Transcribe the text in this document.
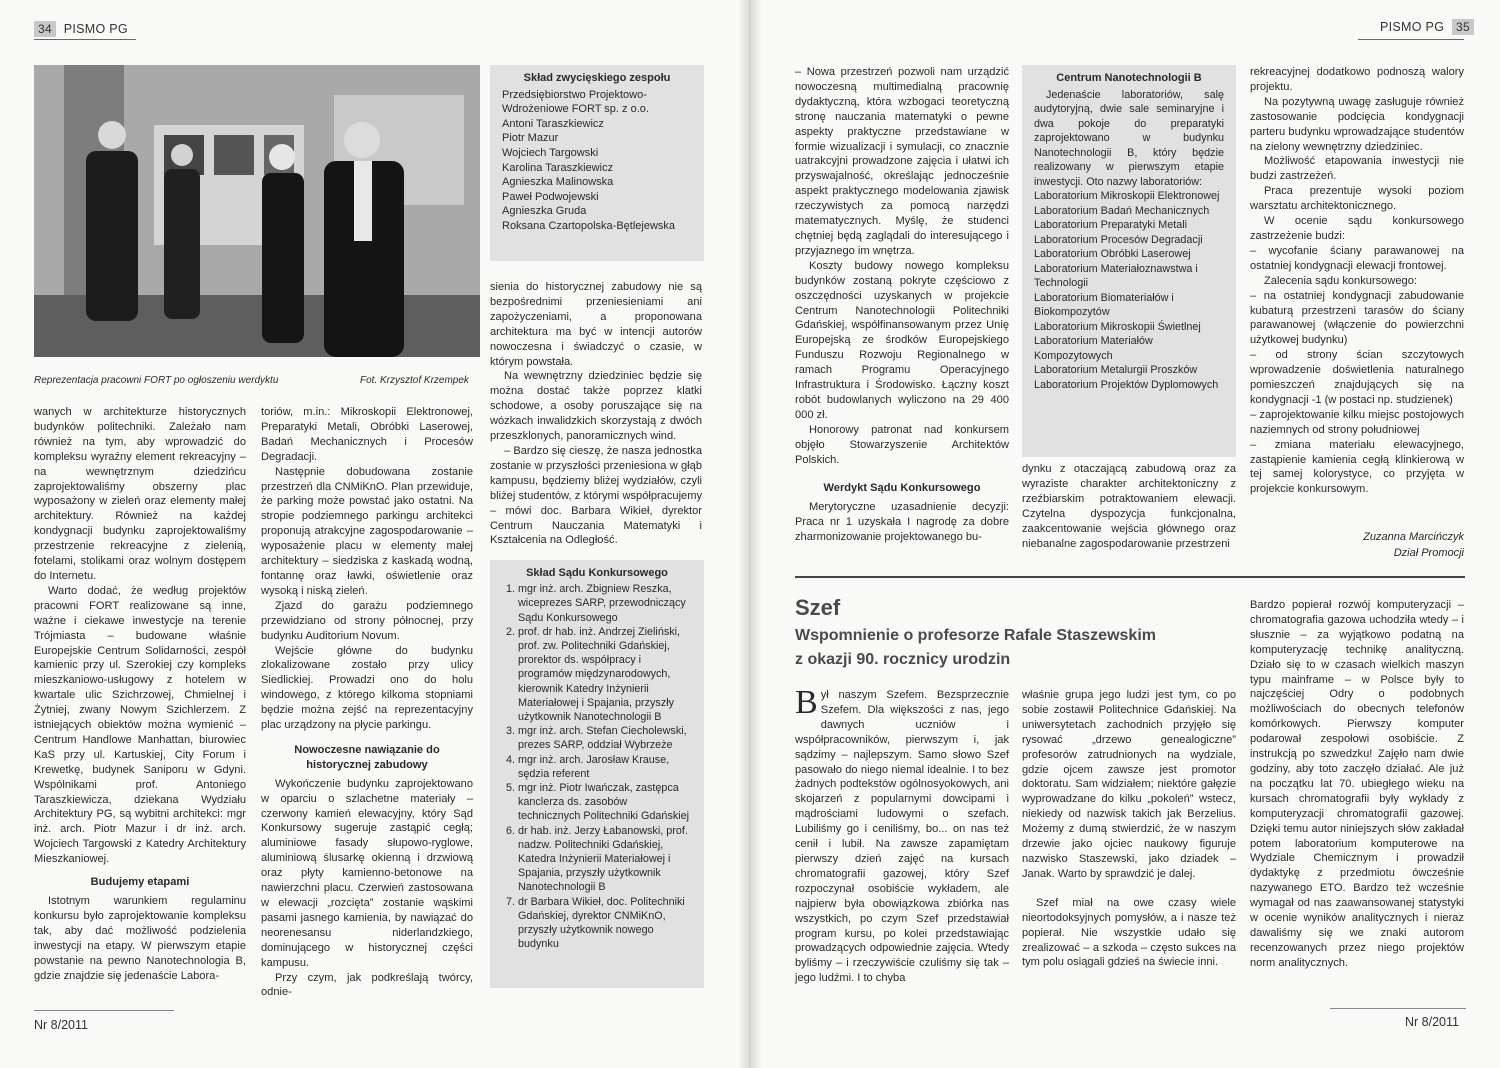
34 PISMO PG
Reprezentacja pracowni FORT po ogłoszeniu werdyktu	Fot. Krzysztof Krzempek
Skład zwycięskiego zespołu
Przedsiębiorstwo Projektowo-
Wdrożeniowe FORT sp. z o.o.
Antoni Taraszkiewicz
Piotr Mazur
Wojciech Targowski
Karolina Taraszkiewicz
Agnieszka Malinowska
Paweł Podwojewski
Agnieszka Gruda
Roksana Czartopolska-Bętlejewska

wanych w architekturze historycznych budynków politechniki. Zależało nam również na tym, aby wprowadzić do kompleksu wyraźny element rekreacyjny – na wewnętrznym dziedzińcu zaprojektowaliśmy obszerny plac wyposażony w zieleń oraz elementy małej architektury. Również na każdej kondygnacji budynku zaprojektowaliśmy przestrzenie rekreacyjne z zielenią, fotelami, stolikami oraz wolnym dostępem do Internetu.

Warto dodać, że według projektów pracowni FORT realizowane są inne, ważne i ciekawe inwestycje na terenie Trójmiasta – budowane właśnie Europejskie Centrum Solidarności, zespół kamienic przy ul. Szerokiej czy kompleks mieszkaniowo-usługowy z hotelem w kwartale ulic Szichrzowej, Chmielnej i Żytniej, zwany Nowym Szichlerzem. Z istniejących obiektów można wymienić – Centrum Handlowe Manhattan, biurowiec KaS przy ul. Kartuskiej, City Forum i Krewetkę, budynek Saniporu w Gdyni. Wspólnikami prof. Antoniego Taraszkiewicza, dziekana Wydziału Architektury PG, są wybitni architekci: mgr inż. arch. Piotr Mazur i dr inż. arch. Wojciech Targowski z Katedry Architektury Mieszkaniowej.

Budujemy etapami

Istotnym warunkiem regulaminu konkursu było zaprojektowanie kompleksu tak, aby dać możliwość podzielenia inwestycji na etapy. W pierwszym etapie powstanie na pewno Nanotechnologia B, gdzie znajdzie się jedenaście Labora-

toriów, m.in.: Mikroskopii Elektronowej, Preparatyki Metali, Obróbki Laserowej, Badań Mechanicznych i Procesów Degradacji.

Następnie dobudowana zostanie przestrzeń dla CNMiKnO. Plan przewiduje, że parking może powstać jako ostatni. Na stropie podziemnego parkingu architekci proponują atrakcyjne zagospodarowanie – wyposażenie placu w elementy małej architektury – siedziska z kaskadą wodną, fontannę oraz ławki, oświetlenie oraz wysoką i niską zieleń.

Zjazd do garażu podziemnego przewidziano od strony północnej, przy budynku Auditorium Novum.

Wejście główne do budynku zlokalizowane zostało przy ulicy Siedlickiej. Prowadzi ono do holu windowego, z którego kilkoma stopniami będzie można zejść na reprezentacyjny plac urządzony na płycie parkingu.

Nowoczesne nawiązanie do historycznej zabudowy

Wykończenie budynku zaprojektowano w oparciu o szlachetne materiały – czerwony kamień elewacyjny, który Sąd Konkursowy sugeruje zastąpić cegłą; aluminiowe fasady słupowo-ryglowe, aluminiową ślusarkę okienną i drzwiową oraz płyty kamienno-betonowe na nawierzchni placu. Czerwień zastosowana w elewacji „rozcięta” zostanie wąskimi pasami jasnego kamienia, by nawiązać do neorenesansu niderlandzkiego, dominującego w historycznej części kampusu.

Przy czym, jak podkreślają twórcy, odnie-

sienia do historycznej zabudowy nie są bezpośrednimi przeniesieniami ani zapożyczeniami, a proponowana architektura ma być w intencji autorów nowoczesna i świadczyć o czasie, w którym powstała.

Na wewnętrzny dziedziniec będzie się można dostać także poprzez klatki schodowe, a osoby poruszające się na wózkach inwalidzkich skorzystają z dwóch przeszklonych, panoramicznych wind.

– Bardzo się cieszę, że nasza jednostka zostanie w przyszłości przeniesiona w głąb kampusu, będziemy bliżej wydziałów, czyli bliżej studentów, z którymi współpracujemy – mówi doc. Barbara Wikieł, dyrektor Centrum Nauczania Matematyki i Kształcenia na Odległość.

Skład Sądu Konkursowego
1. mgr inż. arch. Zbigniew Reszka, wiceprezes SARP, przewodniczący Sądu Konkursowego
2. prof. dr hab. inż. Andrzej Zieliński, prof. zw. Politechniki Gdańskiej, prorektor ds. współpracy i programów międzynarodowych, kierownik Katedry Inżynierii Materiałowej i Spajania, przyszły użytkownik Nanotechnologii B
3. mgr inż. arch. Stefan Ciecholewski, prezes SARP, oddział Wybrzeże
4. mgr inż. arch. Jarosław Krause, sędzia referent
5. mgr inż. Piotr Iwańczak, zastępca kanclerza ds. zasobów technicznych Politechniki Gdańskiej
6. dr hab. inż. Jerzy Łabanowski, prof. nadzw. Politechniki Gdańskiej, Katedra Inżynierii Materiałowej i Spajania, przyszły użytkownik Nanotechnologii B
7. dr Barbara Wikieł, doc. Politechniki Gdańskiej, dyrektor CNMiKnO, przyszły użytkownik nowego budynku
Nr 8/2011
PISMO PG 35

– Nowa przestrzeń pozwoli nam urządzić nowoczesną multimedialną pracownię dydaktyczną, która wzbogaci teoretyczną stronę nauczania matematyki o pewne aspekty praktyczne przedstawiane w formie wizualizacji i symulacji, co znacznie uatrakcyjni prowadzone zajęcia i ułatwi ich przyswajalność, określając jednocześnie aspekt praktycznego modelowania zjawisk rzeczywistych za pomocą narzędzi matematycznych. Myślę, że studenci chętniej będą zaglądali do interesującego i przyjaznego im wnętrza.

Koszty budowy nowego kompleksu budynków zostaną pokryte częściowo z oszczędności uzyskanych w projekcie Centrum Nanotechnologii Politechniki Gdańskiej, współfinansowanym przez Unię Europejską ze środków Europejskiego Funduszu Rozwoju Regionalnego w ramach Programu Operacyjnego Infrastruktura i Środowisko. Łączny koszt robót budowlanych wyliczono na 29 400 000 zł.

Honorowy patronat nad konkursem objęło Stowarzyszenie Architektów Polskich.

Werdykt Sądu Konkursowego

Merytoryczne uzasadnienie decyzji: Praca nr 1 uzyskała I nagrodę za dobre zharmonizowanie projektowanego bu-

Centrum Nanotechnologii B
Jedenaście laboratoriów, salę audytoryjną, dwie sale seminaryjne i dwa pokoje do preparatyki zaprojektowano w budynku Nanotechnologii B, który będzie realizowany w pierwszym etapie inwestycji. Oto nazwy laboratoriów:
Laboratorium Mikroskopii Elektronowej
Laboratorium Badań Mechanicznych
Laboratorium Preparatyki Metali
Laboratorium Procesów Degradacji
Laboratorium Obróbki Laserowej
Laboratorium Materiałoznawstwa i Technologii
Laboratorium Biomateriałów i Biokompozytów
Laboratorium Mikroskopii Świetlnej
Laboratorium Materiałów Kompozytowych
Laboratorium Metalurgii Proszków
Laboratorium Projektów Dyplomowych

dynku z otaczającą zabudową oraz za wyraziste charakter architektoniczny z rzeźbiarskim potraktowaniem elewacji. Czytelna dyspozycja funkcjonalna, zaakcentowanie wejścia głównego oraz niebanalne zagospodarowanie przestrzeni

rekreacyjnej dodatkowo podnoszą walory projektu.

Na pozytywną uwagę zasługuje również zastosowanie podcięcia kondygnacji parteru budynku wprowadzające studentów na zielony wewnętrzny dziedziniec.

Możliwość etapowania inwestycji nie budzi zastrzeżeń.

Praca prezentuje wysoki poziom warsztatu architektonicznego.

W ocenie sądu konkursowego zastrzeżenie budzi:

– wycofanie ściany parawanowej na ostatniej kondygnacji elewacji frontowej.

Zalecenia sądu konkursowego:

– na ostatniej kondygnacji zabudowanie kubaturą przestrzeni tarasów do ściany parawanowej (włączenie do powierzchni użytkowej budynku)

– od strony ścian szczytowych wprowadzenie doświetlenia naturalnego pomieszczeń znajdujących się na kondygnacji -1 (w postaci np. studzienek)

– zaprojektowanie kilku miejsc postojowych naziemnych od strony południowej

– zmiana materiału elewacyjnego, zastąpienie kamienia cegłą klinkierową w tej samej kolorystyce, co przyjęta w projekcie konkursowym.

Zuzanna Marcińczyk
Dział Promocji
Szef
Wspomnienie o profesorze Rafale Staszewskim
z okazji 90. rocznicy urodzin

Był naszym Szefem. Bezsprzecznie Szefem. Dla większości z nas, jego dawnych uczniów i współpracowników, pierwszym i, jak sądzimy – najlepszym. Samo słowo Szef pasowało do niego niemal idealnie. I to bez żadnych podtekstów ogólnosyokowych, ani skojarzeń z popularnymi dowcipami i mądrościami ludowymi o szefach. Lubiliśmy go i ceniliśmy, bo... on nas też cenił i lubił. Na zawsze zapamiętam pierwszy dzień zajęć na kursach chromatografii gazowej, który Szef rozpoczynał osobiście wykładem, ale najpierw była obowiązkowa zbiórka nas wszystkich, po czym Szef przedstawiał program kursu, po kolei przedstawiając prowadzących odpowiednie zajęcia. Wtedy byliśmy – i rzeczywiście czuliśmy się tak – jego ludźmi. I to chyba

właśnie grupa jego ludzi jest tym, co po sobie zostawił Politechnice Gdańskiej. Na uniwersytetach zachodnich przyjęło się rysować „drzewo genealogiczne” profesorów zatrudnionych na wydziale, gdzie ojcem zawsze jest promotor doktoratu. Sam widziałem; niektóre gałęzie wyprowadzane do kilku „pokoleń” wstecz, niekiedy od nazwisk takich jak Berzelius. Możemy z dumą stwierdzić, że w naszym drzewie jako ojciec naukowy figuruje nazwisko Staszewski, jako dziadek – Janak. Warto by sprawdzić je dalej.

Szef miał na owe czasy wiele nieortodoksyjnych pomysłów, a i nasze też popierał. Nie wszystkie udało się zrealizować – a szkoda – często sukces na tym polu osiągali gdzieś na świecie inni.

Bardzo popierał rozwój komputeryzacji – chromatografia gazowa uchodziła wtedy – i słusznie – za wyjątkowo podatną na komputeryzację technikę analityczną. Działo się to w czasach wielkich maszyn typu mainframe – w Polsce były to najczęściej Odry o podobnych możliwościach do obecnych telefonów komórkowych. Pierwszy komputer podarował zespołowi osobiście. Z instrukcją po szwedzku! Zajęło nam dwie godziny, aby toto zaczęło działać. Ale już na początku lat 70. ubiegłego wieku na kursach chromatografii były wykłady z komputeryzacji chromatografii gazowej. Dzięki temu autor niniejszych słów zakładał potem laboratorium komputerowe na Wydziale Chemicznym i prowadził dydaktykę z przedmiotu ówcześnie nazywanego ETO. Bardzo też wcześnie wymagał od nas zaawansowanej statystyki w ocenie wyników analitycznych i nieraz dawaliśmy się we znaki autorom recenzowanych przez niego projektów norm analitycznych.

Nr 8/2011
